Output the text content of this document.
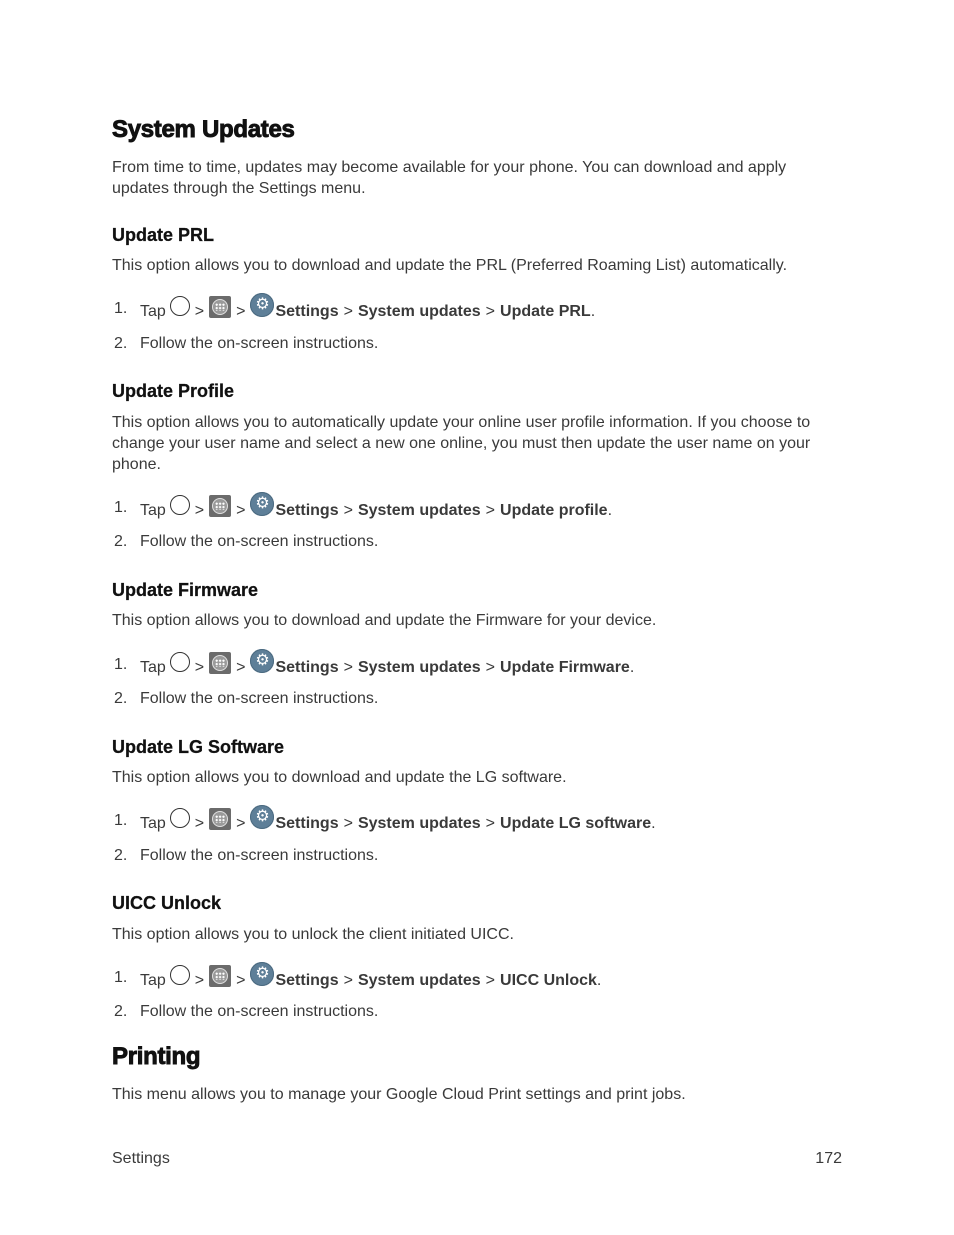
System Updates

From time to time, updates may become available for your phone. You can download and apply updates through the Settings menu.

Update PRL

This option allows you to download and update the PRL (Preferred Roaming List) automatically.

1. Tap > > ⚙ Settings > System updates > Update PRL .
2. Follow the on-screen instructions.
Update Profile

This option allows you to automatically update your online user profile information. If you choose to change your user name and select a new one online, you must then update the user name on your phone.

1. Tap > > ⚙ Settings > System updates > Update profile .
2. Follow the on-screen instructions.
Update Firmware

This option allows you to download and update the Firmware for your device.

1. Tap > > ⚙ Settings > System updates > Update Firmware .
2. Follow the on-screen instructions.
Update LG Software

This option allows you to download and update the LG software.

1. Tap > > ⚙ Settings > System updates > Update LG software .
2. Follow the on-screen instructions.
UICC Unlock

This option allows you to unlock the client initiated UICC.

1. Tap > > ⚙ Settings > System updates > UICC Unlock .
2. Follow the on-screen instructions.
Printing

This menu allows you to manage your Google Cloud Print settings and print jobs.

Settings	172
